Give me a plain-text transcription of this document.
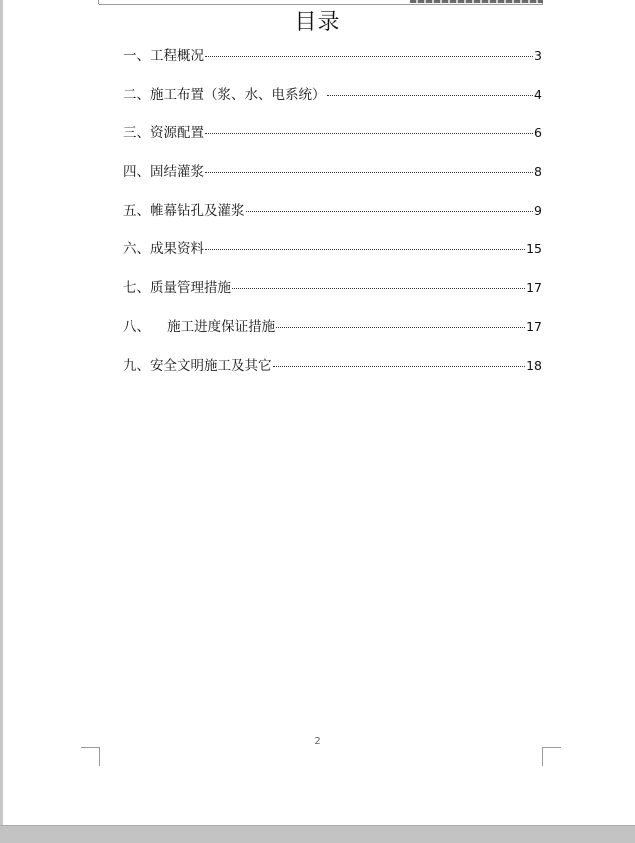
目录
一、工程概况	3
二、施工布置（浆、水、电系统）	4
三、资源配置	6
四、固结灌浆	8
五、帷幕钻孔及灌浆	9
六、成果资料	15
七、质量管理措施	17
八、    施工进度保证措施	17
九、安全文明施工及其它	18
2
